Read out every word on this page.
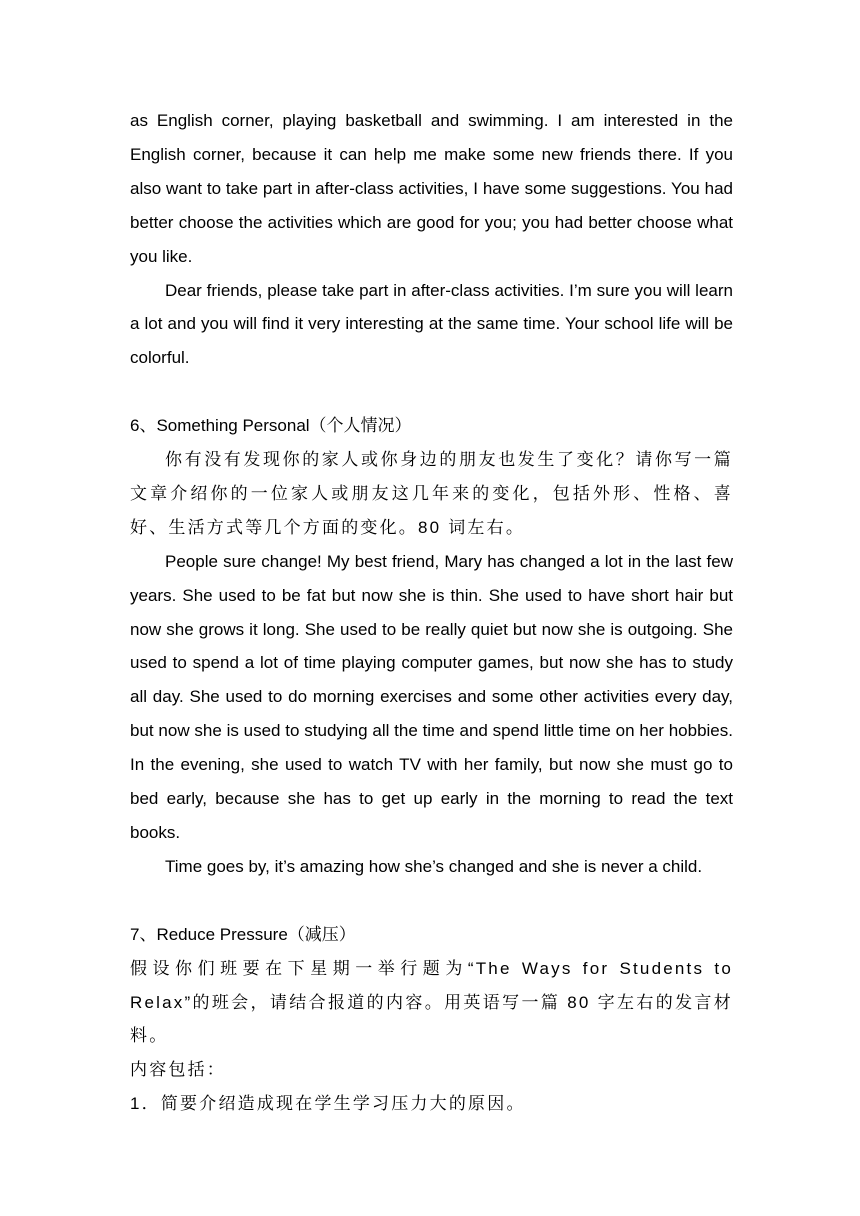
as English corner, playing basketball and swimming. I am interested in the English corner, because it can help me make some new friends there. If you also want to take part in after-class activities, I have some suggestions. You had better choose the activities which are good for you; you had better choose what you like.

Dear friends, please take part in after-class activities. I’m sure you will learn a lot and you will find it very interesting at the same time. Your school life will be colorful.

6、Something Personal（个人情况）

你有没有发现你的家人或你身边的朋友也发生了变化？请你写一篇文章介绍你的一位家人或朋友这几年来的变化，包括外形、性格、喜好、生活方式等几个方面的变化。80 词左右。

People sure change! My best friend, Mary has changed a lot in the last few years. She used to be fat but now she is thin. She used to have short hair but now she grows it long. She used to be really quiet but now she is outgoing. She used to spend a lot of time playing computer games, but now she has to study all day. She used to do morning exercises and some other activities every day, but now she is used to studying all the time and spend little time on her hobbies. In the evening, she used to watch TV with her family, but now she must go to bed early, because she has to get up early in the morning to read the text books.

Time goes by, it’s amazing how she’s changed and she is never a child.

7、Reduce Pressure（减压）

假设你们班要在下星期一举行题为“The Ways for Students to Relax”的班会，请结合报道的内容。用英语写一篇 80 字左右的发言材料。

内容包括：

1．简要介绍造成现在学生学习压力大的原因。
